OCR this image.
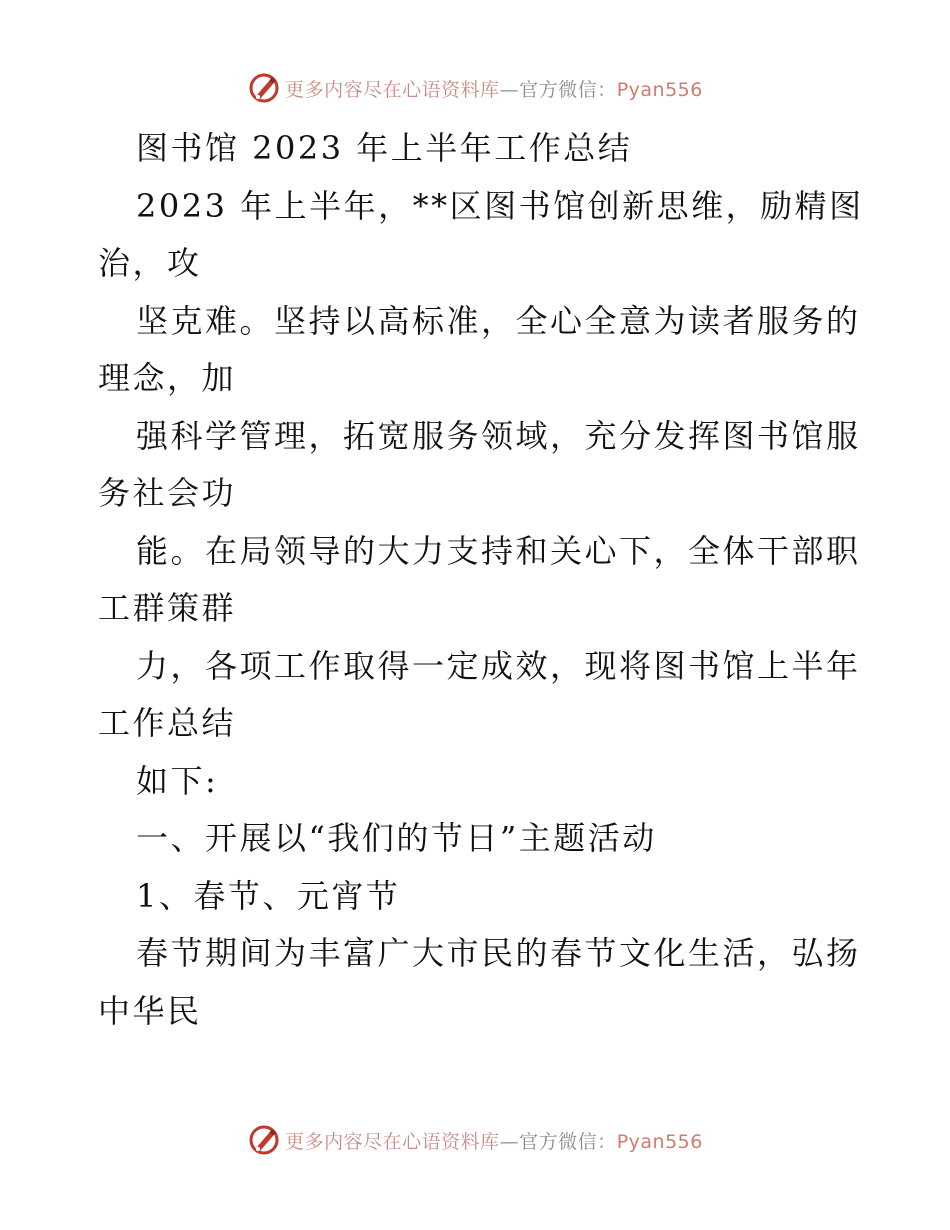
更多内容尽在心语资料库—官方微信：Pyan556
图书馆 2023 年上半年工作总结
2023 年上半年，**区图书馆创新思维，励精图
治，攻
坚克难。坚持以高标准，全心全意为读者服务的
理念，加
强科学管理，拓宽服务领域，充分发挥图书馆服
务社会功
能。在局领导的大力支持和关心下，全体干部职
工群策群
力，各项工作取得一定成效，现将图书馆上半年
工作总结
如下:
一、开展以“我们的节日”主题活动
1、春节、元宵节
春节期间为丰富广大市民的春节文化生活，弘扬
中华民
更多内容尽在心语资料库—官方微信：Pyan556
